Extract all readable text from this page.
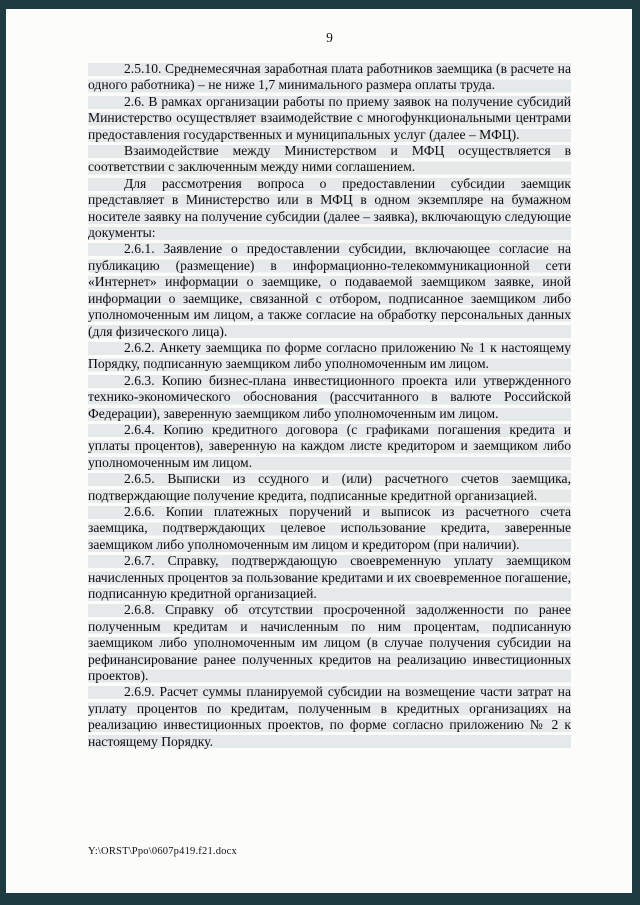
9

2.5.10. Среднемесячная заработная плата работников заемщика (в расчете на одного работника) – не ниже 1,7 минимального размера оплаты труда.

2.6. В рамках организации работы по приему заявок на получение субсидий Министерство осуществляет взаимодействие с многофункциональными центрами предоставления государственных и муниципальных услуг (далее – МФЦ).

Взаимодействие между Министерством и МФЦ осуществляется в соответствии с заключенным между ними соглашением.

Для рассмотрения вопроса о предоставлении субсидии заемщик представляет в Министерство или в МФЦ в одном экземпляре на бумажном носителе заявку на получение субсидии (далее – заявка), включающую следующие документы:

2.6.1. Заявление о предоставлении субсидии, включающее согласие на публикацию (размещение) в информационно-телекоммуникационной сети «Интернет» информации о заемщике, о подаваемой заемщиком заявке, иной информации о заемщике, связанной с отбором, подписанное заемщиком либо уполномоченным им лицом, а также согласие на обработку персональных данных (для физического лица).

2.6.2. Анкету заемщика по форме согласно приложению № 1 к настоящему Порядку, подписанную заемщиком либо уполномоченным им лицом.

2.6.3. Копию бизнес-плана инвестиционного проекта или утвержденного технико-экономического обоснования (рассчитанного в валюте Российской Федерации), заверенную заемщиком либо уполномоченным им лицом.

2.6.4. Копию кредитного договора (с графиками погашения кредита и уплаты процентов), заверенную на каждом листе кредитором и заемщиком либо уполномоченным им лицом.

2.6.5. Выписки из ссудного и (или) расчетного счетов заемщика, подтверждающие получение кредита, подписанные кредитной организацией.

2.6.6. Копии платежных поручений и выписок из расчетного счета заемщика, подтверждающих целевое использование кредита, заверенные заемщиком либо уполномоченным им лицом и кредитором (при наличии).

2.6.7. Справку, подтверждающую своевременную уплату заемщиком начисленных процентов за пользование кредитами и их своевременное погашение, подписанную кредитной организацией.

2.6.8. Справку об отсутствии просроченной задолженности по ранее полученным кредитам и начисленным по ним процентам, подписанную заемщиком либо уполномоченным им лицом (в случае получения субсидии на рефинансирование ранее полученных кредитов на реализацию инвестиционных проектов).

2.6.9. Расчет суммы планируемой субсидии на возмещение части затрат на уплату процентов по кредитам, полученным в кредитных организациях на реализацию инвестиционных проектов, по форме согласно приложению № 2 к настоящему Порядку.

Y:\ORST\Ppo\0607p419.f21.docx
